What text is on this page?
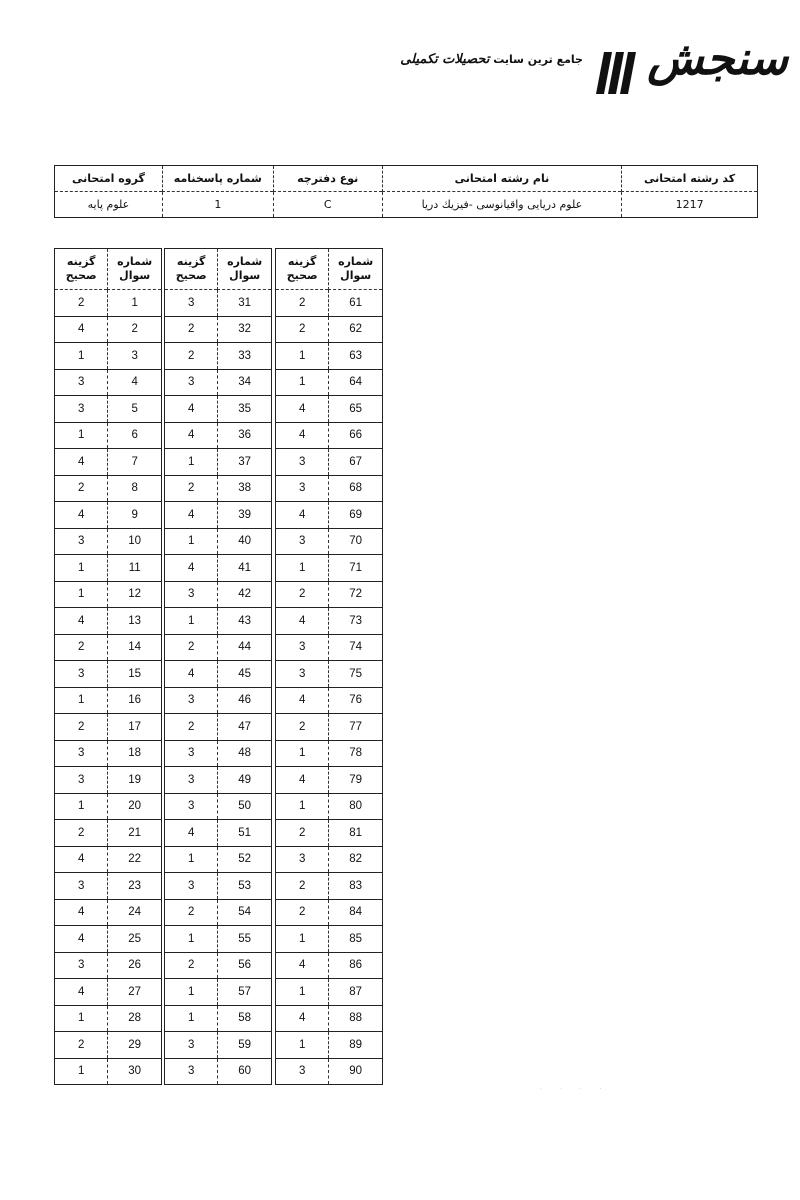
سنجش
جامع ترین سایت تحصیلات تکمیلی
کد رشته امتحانی	نام رشته امتحانی	نوع دفترچه	شماره پاسخنامه	گروه امتحانی
1217	علوم دریایی واقیانوسی -فیزیك دریا	C	1	علوم پایه
شماره سوال	گزینه صحیح
1	2
2	4
3	1
4	3
5	3
6	1
7	4
8	2
9	4
10	3
11	1
12	1
13	4
14	2
15	3
16	1
17	2
18	3
19	3
20	1
21	2
22	4
23	3
24	4
25	4
26	3
27	4
28	1
29	2
30	1
شماره سوال	گزینه صحیح
31	3
32	2
33	2
34	3
35	4
36	4
37	1
38	2
39	4
40	1
41	4
42	3
43	1
44	2
45	4
46	3
47	2
48	3
49	3
50	3
51	4
52	1
53	3
54	2
55	1
56	2
57	1
58	1
59	3
60	3
شماره سوال	گزینه صحیح
61	2
62	2
63	1
64	1
65	4
66	4
67	3
68	3
69	4
70	3
71	1
72	2
73	4
74	3
75	3
76	4
77	2
78	1
79	4
80	1
81	2
82	3
83	2
84	2
85	1
86	4
87	1
88	4
89	1
90	3
· · · ·
